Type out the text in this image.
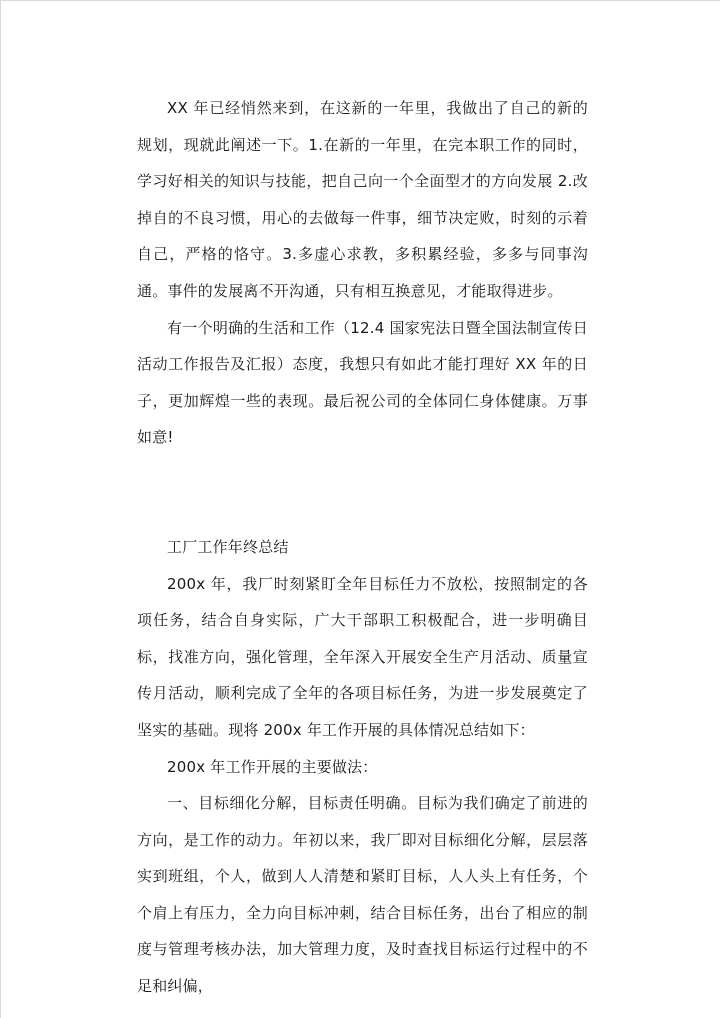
XX 年已经悄然来到，在这新的一年里，我做出了自己的新的规划，现就此阐述一下。1.在新的一年里，在完本职工作的同时，学习好相关的知识与技能，把自己向一个全面型才的方向发展 2.改掉自的不良习惯，用心的去做每一件事，细节决定败，时刻的示着自己，严格的恪守。3.多虚心求教，多积累经验，多多与同事沟通。事件的发展离不开沟通，只有相互换意见，才能取得进步。

有一个明确的生活和工作（12.4 国家宪法日暨全国法制宣传日活动工作报告及汇报）态度，我想只有如此才能打理好 XX 年的日子，更加辉煌一些的表现。最后祝公司的全体同仁身体健康。万事如意!

工厂工作年终总结

200x 年，我厂时刻紧盯全年目标任力不放松，按照制定的各项任务，结合自身实际，广大干部职工积极配合，进一步明确目标，找准方向，强化管理，全年深入开展安全生产月活动、质量宣传月活动，顺利完成了全年的各项目标任务，为进一步发展奠定了坚实的基础。现将 200x 年工作开展的具体情况总结如下：

200x 年工作开展的主要做法：

一、目标细化分解，目标责任明确。目标为我们确定了前进的方向，是工作的动力。年初以来，我厂即对目标细化分解，层层落实到班组，个人，做到人人清楚和紧盯目标，人人头上有任务，个个肩上有压力，全力向目标冲刺，结合目标任务，出台了相应的制度与管理考核办法，加大管理力度，及时查找目标运行过程中的不足和纠偏，
